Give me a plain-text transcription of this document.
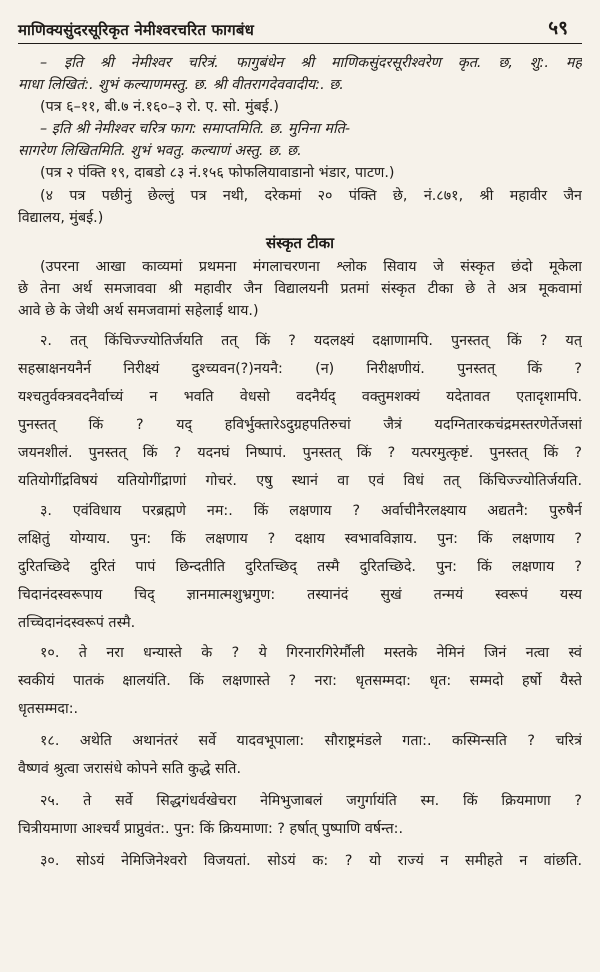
माणिक्यसुंदरसूरिकृत नेमीश्वरचरित फागबंध	५९
– इति श्री नेमीश्वर चरित्रं. फागुबंधेन श्री माणिकसुंदरसूरीश्वरेण कृत. छ, शु:. महं
माधा लिखितं:. शुभं कल्याणमस्तु. छ. श्री वीतरागदेववादीय:. छ.
(पत्र ६–११, बी.७ नं.१६०–३ रो. ए. सो. मुंबई.)
– इति श्री नेमीश्वर चरित्र फाग: समाप्तमिति. छ. मुनिना मति-
सागरेण लिखितमिति. शुभं भवतु. कल्याणं अस्तु. छ. छ.
(पत्र २ पंक्ति १९, दाबडो ८३ नं.१५६ फोफलियावाडानो भंडार, पाटण.)
(४ पत्र पछीनुं छेल्लुं पत्र नथी, दरेकमां २० पंक्ति छे, नं.८७१, श्री महावीर जैन
विद्यालय, मुंबई.)
संस्कृत टीका
(उपरना आखा काव्यमां प्रथमना मंगलाचरणना श्लोक सिवाय जे संस्कृत छंदो मूकेला
छे तेना अर्थ समजाववा श्री महावीर जैन विद्यालयनी प्रतमां संस्कृत टीका छे ते अत्र मूकवामां
आवे छे के जेथी अर्थ समजवामां सहेलाई थाय.)
२. तत् किंचिज्ज्योतिर्जयति तत् किं ? यदलक्ष्यं दक्षाणामपि. पुनस्तत् किं ? यत्
सहस्राक्षनयनैर्न निरीक्ष्यं दुश्च्यवन(?)नयनै: (न) निरीक्षणीयं. पुनस्तत् किं ?
यश्चतुर्वक्त्रवदनैर्वाच्यं न भवति वेधसो वदनैर्यद् वक्तुमशक्यं यदेतावत एतादृशामपि.
पुनस्तत् किं ? यद् हविर्भुक्तारेऽदुग्रहपतिरुचां जैत्रं यदग्नितारकचंद्रमस्तरणेर्तेजसां
जयनशीलं. पुनस्तत् किं ? यदनघं निष्पापं. पुनस्तत् किं ? यत्परमुत्कृष्टं. पुनस्तत् किं ?
यतियोगींद्रविषयं यतियोगींद्राणां गोचरं. एषु स्थानं वा एवं विधं तत् किंचिज्ज्योतिर्जयति.
३. एवंविधाय परब्रह्मणे नम:. किं लक्षणाय ? अर्वाचीनैरलक्ष्याय अद्यतनै: पुरुषैर्न
लक्षितुं योग्याय. पुन: किं लक्षणाय ? दक्षाय स्वभावविज्ञाय. पुन: किं लक्षणाय ?
दुरितच्छिदे दुरितं पापं छिन्दतीति दुरितच्छिद् तस्मै दुरितच्छिदे. पुन: किं लक्षणाय ?
चिदानंदस्वरूपाय चिद् ज्ञानमात्मशुभ्रगुण: तस्यानंदं सुखं तन्मयं स्वरूपं यस्य
तच्चिदानंदस्वरूपं तस्मै.
१०. ते नरा धन्यास्ते के ? ये गिरनारगिरेर्मौली मस्तके नेमिनं जिनं नत्वा स्वं
स्वकीयं पातकं क्षालयंति. किं लक्षणास्ते ? नरा: धृतसम्मदा: धृत: सम्मदो हर्षो यैस्ते
धृतसम्मदा:.
१८. अथेति अथानंतरं सर्वे यादवभूपाला: सौराष्ट्रमंडले गता:. कस्मिन्सति ? चरित्रं
वैष्णवं श्रुत्वा जरासंधे कोपने सति कुद्धे सति.
२५. ते सर्वे सिद्धगंधर्वखेचरा नेमिभुजाबलं जगुर्गायंति स्म. किं क्रियमाणा ?
चित्रीयमाणा आश्चर्यं प्राप्नुवंत:. पुन: किं क्रियमाणा: ? हर्षात् पुष्पाणि वर्षन्त:.
३०. सोऽयं नेमिजिनेश्वरो विजयतां. सोऽयं क: ? यो राज्यं न समीहते न वांछति.
